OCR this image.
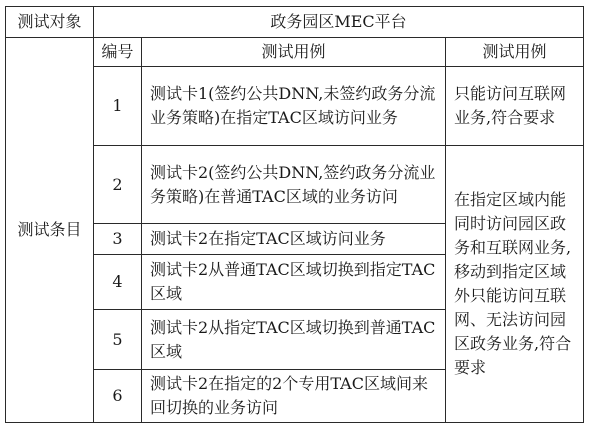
测试对象	政务园区MEC平台		
测试条目	编号	测试用例	测试用例
	1	测试卡1(签约公共DNN,未签约政务分流业务策略)在指定TAC区域访问业务	只能访问互联网业务,符合要求
	2	测试卡2(签约公共DNN,签约政务分流业务策略)在普通TAC区域的业务访问	在指定区域内能同时访问园区政务和互联网业务,移动到指定区域外只能访问互联网、无法访问园区政务业务,符合要求
	3	测试卡2在指定TAC区域访问业务	
	4	测试卡2从普通TAC区域切换到指定TAC区域	
	5	测试卡2从指定TAC区域切换到普通TAC区域	
	6	测试卡2在指定的2个专用TAC区域间来回切换的业务访问	
